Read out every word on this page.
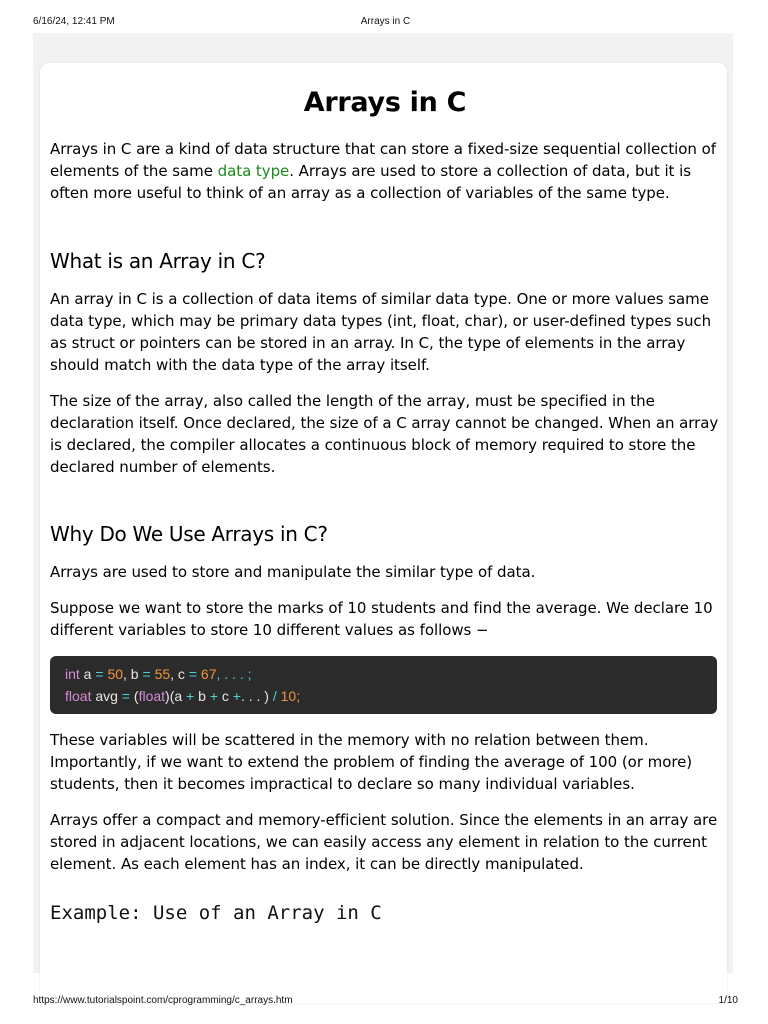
6/16/24, 12:41 PM	Arrays in C
Arrays in C

Arrays in C are a kind of data structure that can store a fixed-size sequential collection of elements of the same data type. Arrays are used to store a collection of data, but it is often more useful to think of an array as a collection of variables of the same type.

What is an Array in C?

An array in C is a collection of data items of similar data type. One or more values same data type, which may be primary data types (int, float, char), or user-defined types such as struct or pointers can be stored in an array. In C, the type of elements in the array should match with the data type of the array itself.

The size of the array, also called the length of the array, must be specified in the declaration itself. Once declared, the size of a C array cannot be changed. When an array is declared, the compiler allocates a continuous block of memory required to store the declared number of elements.

Why Do We Use Arrays in C?

Arrays are used to store and manipulate the similar type of data.

Suppose we want to store the marks of 10 students and find the average. We declare 10 different variables to store 10 different values as follows −

int a = 50, b = 55, c = 67, . . . ;
float avg = (float)(a + b + c +. . . ) / 10;

These variables will be scattered in the memory with no relation between them. Importantly, if we want to extend the problem of finding the average of 100 (or more) students, then it becomes impractical to declare so many individual variables.

Arrays offer a compact and memory-efficient solution. Since the elements in an array are stored in adjacent locations, we can easily access any element in relation to the current element. As each element has an index, it can be directly manipulated.

Example: Use of an Array in C
https://www.tutorialspoint.com/cprogramming/c_arrays.htm	1/10
